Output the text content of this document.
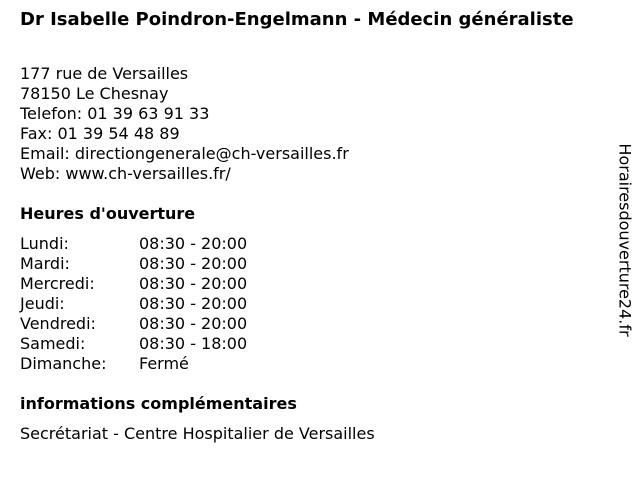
Dr Isabelle Poindron-Engelmann - Médecin généraliste
177 rue de Versailles
78150 Le Chesnay
Telefon: 01 39 63 91 33
Fax: 01 39 54 48 89
Email: directiongenerale@ch-versailles.fr
Web: www.ch-versailles.fr/
Heures d'ouverture
Lundi:	08:30 - 20:00
Mardi:	08:30 - 20:00
Mercredi:	08:30 - 20:00
Jeudi:	08:30 - 20:00
Vendredi:	08:30 - 20:00
Samedi:	08:30 - 18:00
Dimanche:	Fermé
informations complémentaires
Secrétariat - Centre Hospitalier de Versailles
Horairesdouverture24.fr
